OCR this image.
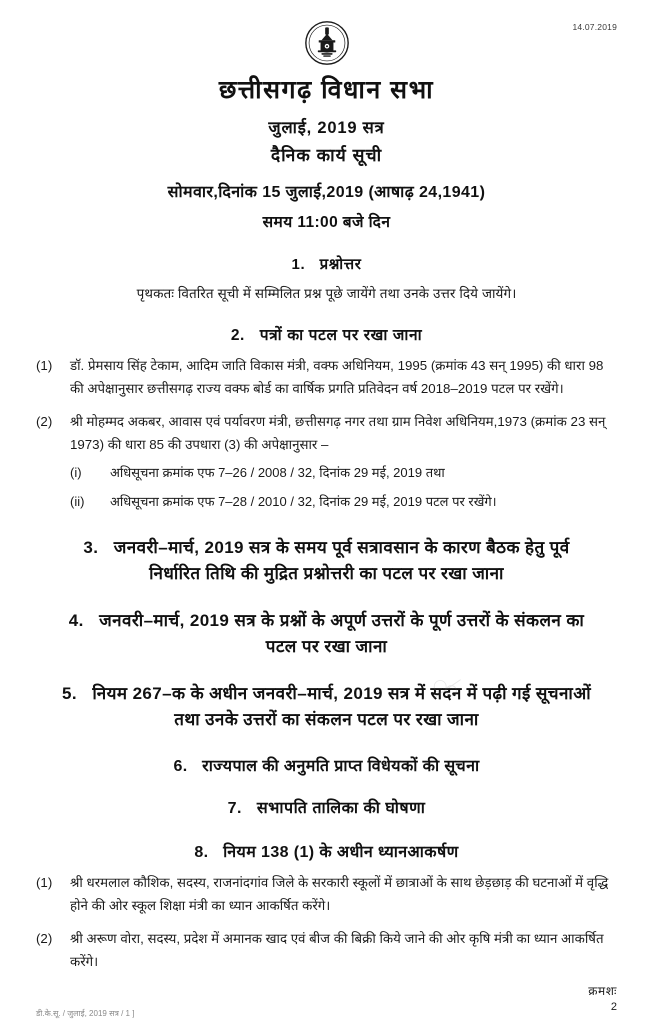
14.07.2019
छत्तीसगढ़ विधान सभा
जुलाई, 2019 सत्र
दैनिक कार्य सूची
सोमवार,दिनांक 15 जुलाई,2019 (आषाढ़ 24,1941)
समय 11:00 बजे दिन
1. प्रश्नोत्तर
पृथकतः वितरित सूची में सम्मिलित प्रश्न पूछे जायेंगे तथा उनके उत्तर दिये जायेंगे।
2. पत्रों का पटल पर रखा जाना
(1)	डॉ. प्रेमसाय सिंह टेकाम, आदिम जाति विकास मंत्री, वक्फ अधिनियम, 1995 (क्रमांक 43 सन् 1995) की धारा 98 की अपेक्षानुसार छत्तीसगढ़ राज्य वक्फ बोर्ड का वार्षिक प्रगति प्रतिवेदन वर्ष 2018–2019 पटल पर रखेंगे।
(2)	श्री मोहम्मद अकबर, आवास एवं पर्यावरण मंत्री, छत्तीसगढ़ नगर तथा ग्राम निवेश अधिनियम,1973 (क्रमांक 23 सन् 1973) की धारा 85 की उपधारा (3) की अपेक्षानुसार –
(i)	अधिसूचना क्रमांक एफ 7–26 / 2008 / 32, दिनांक 29 मई, 2019 तथा
(ii)	अधिसूचना क्रमांक एफ 7–28 / 2010 / 32, दिनांक 29 मई, 2019 पटल पर रखेंगे।
3. जनवरी–मार्च, 2019 सत्र के समय पूर्व सत्रावसान के कारण बैठक हेतु पूर्व निर्धारित तिथि की मुद्रित प्रश्नोत्तरी का पटल पर रखा जाना
4. जनवरी–मार्च, 2019 सत्र के प्रश्नों के अपूर्ण उत्तरों के पूर्ण उत्तरों के संकलन का पटल पर रखा जाना
5. नियम 267–क के अधीन जनवरी–मार्च, 2019 सत्र में सदन में पढ़ी गई सूचनाओं तथा उनके उत्तरों का संकलन पटल पर रखा जाना
6. राज्यपाल की अनुमति प्राप्त विधेयकों की सूचना
7. सभापति तालिका की घोषणा
8. नियम 138 (1) के अधीन ध्यानआकर्षण
(1)	श्री धरमलाल कौशिक, सदस्य, राजनांदगांव जिले के सरकारी स्कूलों में छात्राओं के साथ छेड़छाड़ की घटनाओं में वृद्धि होने की ओर स्कूल शिक्षा मंत्री का ध्यान आकर्षित करेंगे।
(2)	श्री अरूण वोरा, सदस्य, प्रदेश में अमानक खाद एवं बीज की बिक्री किये जाने की ओर कृषि मंत्री का ध्यान आकर्षित करेंगे।
क्रमशः
2
डी.के.सू. / जुलाई, 2019 सत्र / 1 ]
